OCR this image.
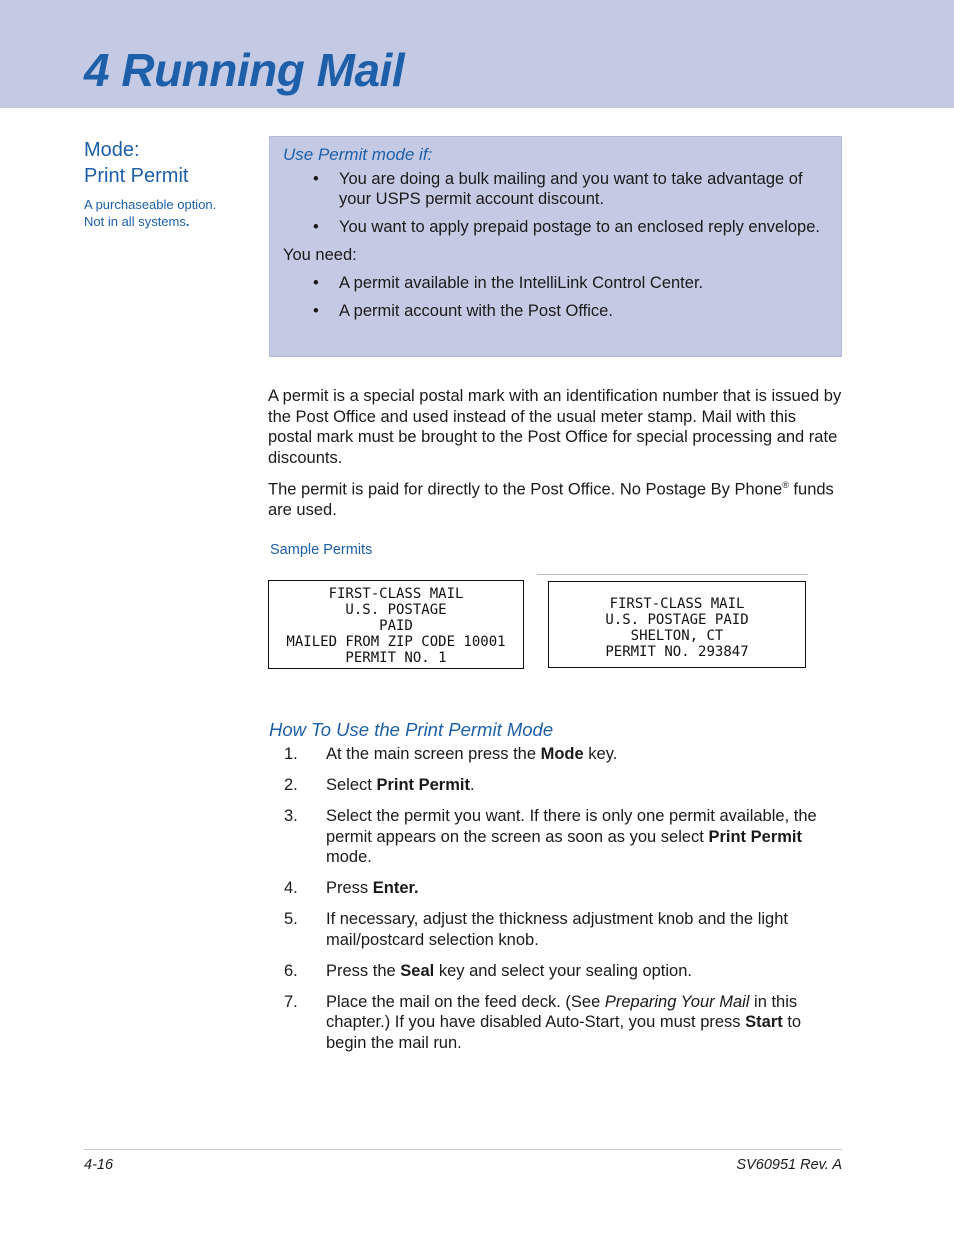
4 Running Mail
Mode:
Print Permit
A purchaseable option.
Not in all systems.
Use Permit mode if:
• You are doing a bulk mailing and you want to take advantage of your USPS permit account discount.
• You want to apply prepaid postage to an enclosed reply envelope.

You need:

• A permit available in the IntelliLink Control Center.
• A permit account with the Post Office.

A permit is a special postal mark with an identification number that is issued by the Post Office and used instead of the usual meter stamp. Mail with this postal mark must be brought to the Post Office for special processing and rate discounts.

The permit is paid for directly to the Post Office. No Postage By Phone® funds are used.

Sample Permits
FIRST-CLASS MAIL
U.S. POSTAGE
PAID
MAILED FROM ZIP CODE 10001
PERMIT NO. 1
FIRST-CLASS MAIL
U.S. POSTAGE PAID
SHELTON, CT
PERMIT NO. 293847
How To Use the Print Permit Mode
1. At the main screen press the Mode key.
2. Select Print Permit.
3. Select the permit you want. If there is only one permit available, the permit appears on the screen as soon as you select Print Permit mode.
4. Press Enter.
5. If necessary, adjust the thickness adjustment knob and the light mail/postcard selection knob.
6. Press the Seal key and select your sealing option.
7. Place the mail on the feed deck. (See Preparing Your Mail in this chapter.) If you have disabled Auto-Start, you must press Start to begin the mail run.
4-16	SV60951 Rev. A
